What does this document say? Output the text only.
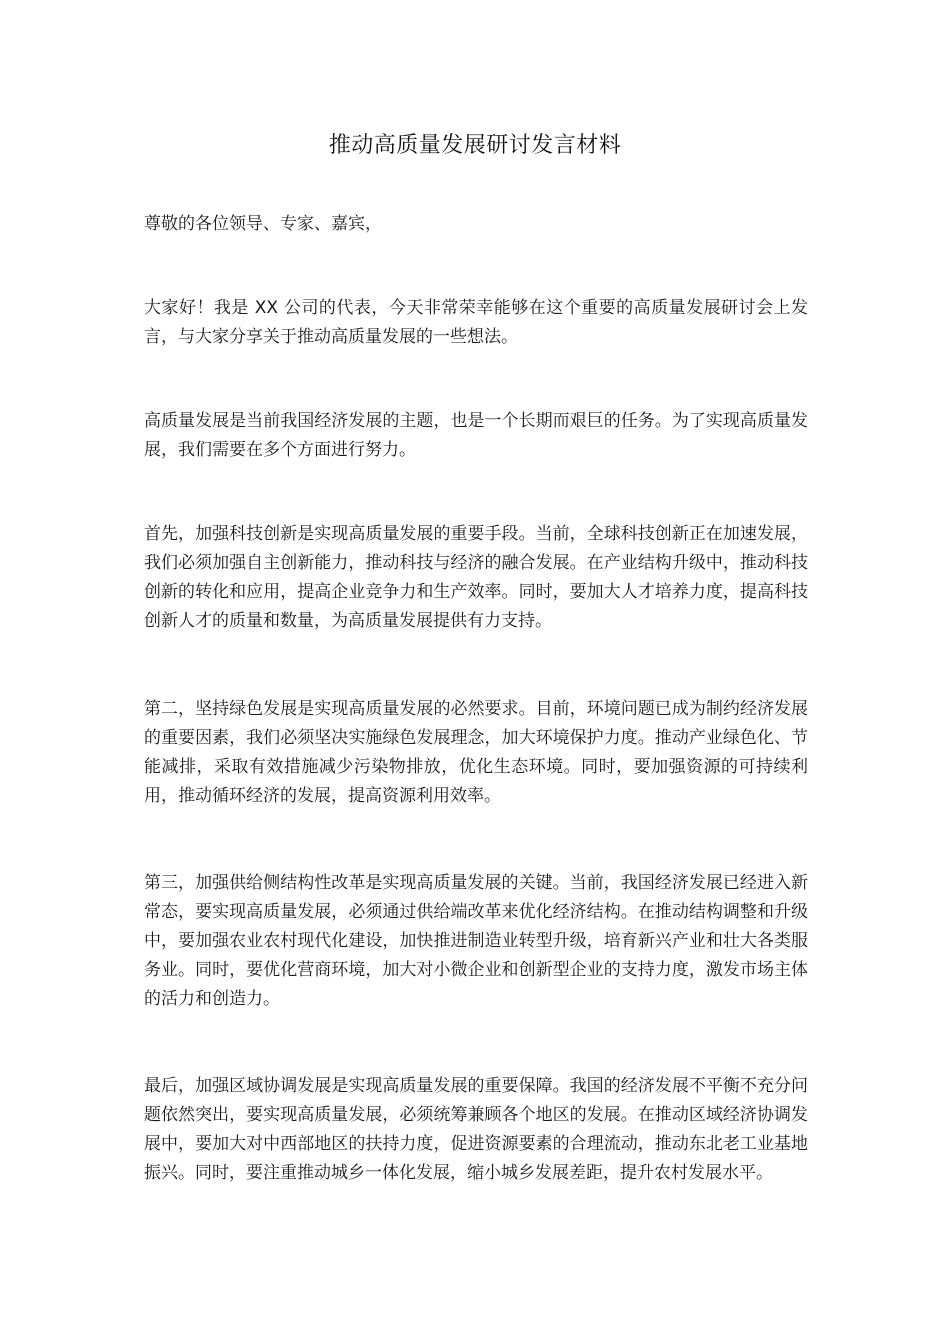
推动高质量发展研讨发言材料

尊敬的各位领导、专家、嘉宾，

大家好！我是 XX 公司的代表，今天非常荣幸能够在这个重要的高质量发展研讨会上发言，与大家分享关于推动高质量发展的一些想法。

高质量发展是当前我国经济发展的主题，也是一个长期而艰巨的任务。为了实现高质量发展，我们需要在多个方面进行努力。

首先，加强科技创新是实现高质量发展的重要手段。当前，全球科技创新正在加速发展，我们必须加强自主创新能力，推动科技与经济的融合发展。在产业结构升级中，推动科技创新的转化和应用，提高企业竞争力和生产效率。同时，要加大人才培养力度，提高科技创新人才的质量和数量，为高质量发展提供有力支持。

第二，坚持绿色发展是实现高质量发展的必然要求。目前，环境问题已成为制约经济发展的重要因素，我们必须坚决实施绿色发展理念，加大环境保护力度。推动产业绿色化、节能减排，采取有效措施减少污染物排放，优化生态环境。同时，要加强资源的可持续利用，推动循环经济的发展，提高资源利用效率。

第三，加强供给侧结构性改革是实现高质量发展的关键。当前，我国经济发展已经进入新常态，要实现高质量发展，必须通过供给端改革来优化经济结构。在推动结构调整和升级中，要加强农业农村现代化建设，加快推进制造业转型升级，培育新兴产业和壮大各类服务业。同时，要优化营商环境，加大对小微企业和创新型企业的支持力度，激发市场主体的活力和创造力。

最后，加强区域协调发展是实现高质量发展的重要保障。我国的经济发展不平衡不充分问题依然突出，要实现高质量发展，必须统筹兼顾各个地区的发展。在推动区域经济协调发展中，要加大对中西部地区的扶持力度，促进资源要素的合理流动，推动东北老工业基地振兴。同时，要注重推动城乡一体化发展，缩小城乡发展差距，提升农村发展水平。
